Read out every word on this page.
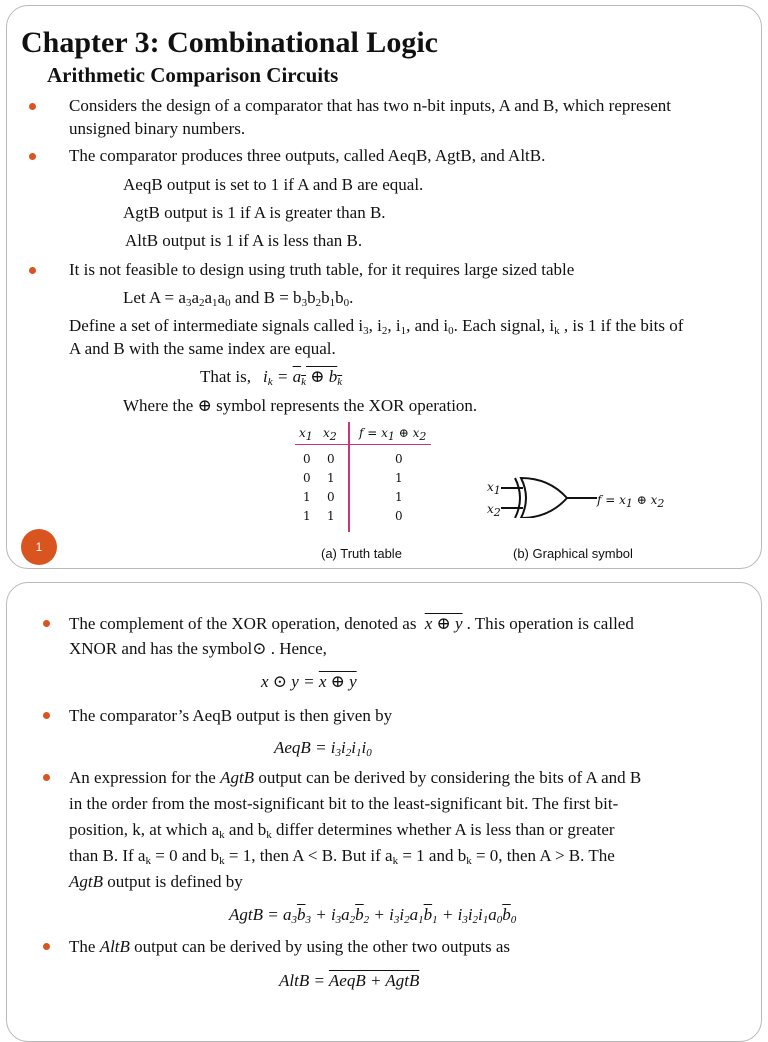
Chapter 3: Combinational Logic
Arithmetic Comparison Circuits
Considers the design of a comparator that has two n-bit inputs, A and B, which represent
unsigned binary numbers.
The comparator produces three outputs, called AeqB, AgtB, and AltB.
AeqB output is set to 1 if A and B are equal.
AgtB output is 1 if A is greater than B.
AltB output is 1 if A is less than B.
It is not feasible to design using truth table, for it requires large sized table
Let $A = a_3a_2a_1a_0$ and $B = b_3b_2b_1b_0$.
Define a set of intermediate signals called $i_3$, $i_2$, $i_1$, and $i_0$. Each signal, $i_k$ , is 1 if the bits of
A and B with the same index are equal.
That is, $i_k = a_k$ ⊕ $b_k$
Where the ⊕ symbol represents the XOR operation.
$x_1$ $x_2$ $f = x_1$ ⊕ $x_2$
0 0	0
0 1	1
1 0	1
1 1	0
$x_1$
$x_2$
$f = x_1$ ⊕ $x_2$
(a) Truth table	(b) Graphical symbol
1
The complement of the XOR operation, denoted as x ⊕ y . This operation is called
XNOR and has the symbol⊙ . Hence,
x ⊙ y = x ⊕ y
The comparator’s AeqB output is then given by
AeqB = $i_3i_2i_1i_0$
An expression for the AgtB output can be derived by considering the bits of A and B
in the order from the most-significant bit to the least-significant bit. The first bit-
position, k, at which $a_k$ and $b_k$ differ determines whether A is less than or greater
than B. If $a_k = 0$ and $b_k = 1$, then A < B. But if $a_k = 1$ and $b_k = 0$, then A > B. The
AgtB output is defined by
AgtB = $a_3\overline{b}_3 + i_3a_2\overline{b}_2 + i_3i_2a_1\overline{b}_1 + i_3i_2i_1a_0\overline{b}_0$
The AltB output can be derived by using the other two outputs as
AltB = AeqB + AgtB
